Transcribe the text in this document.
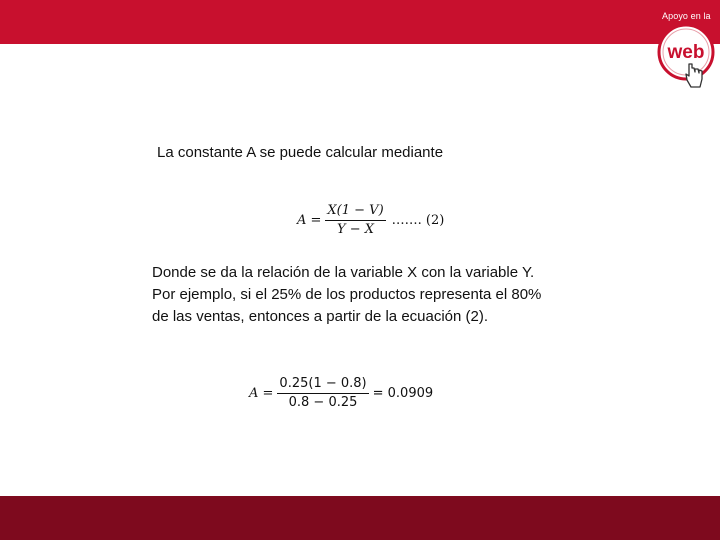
Apoyo en la
web
La constante A se puede calcular mediante
$A = \frac{X(1 - V)}{Y - X}$ ……. (2)
Donde se da la relación de la variable X con la variable Y.
Por ejemplo, si el 25% de los productos representa el 80%
de las ventas, entonces a partir de la ecuación (2).
$A = \frac{0.25(1 - 0.8)}{0.8 - 0.25} = 0.0909$
